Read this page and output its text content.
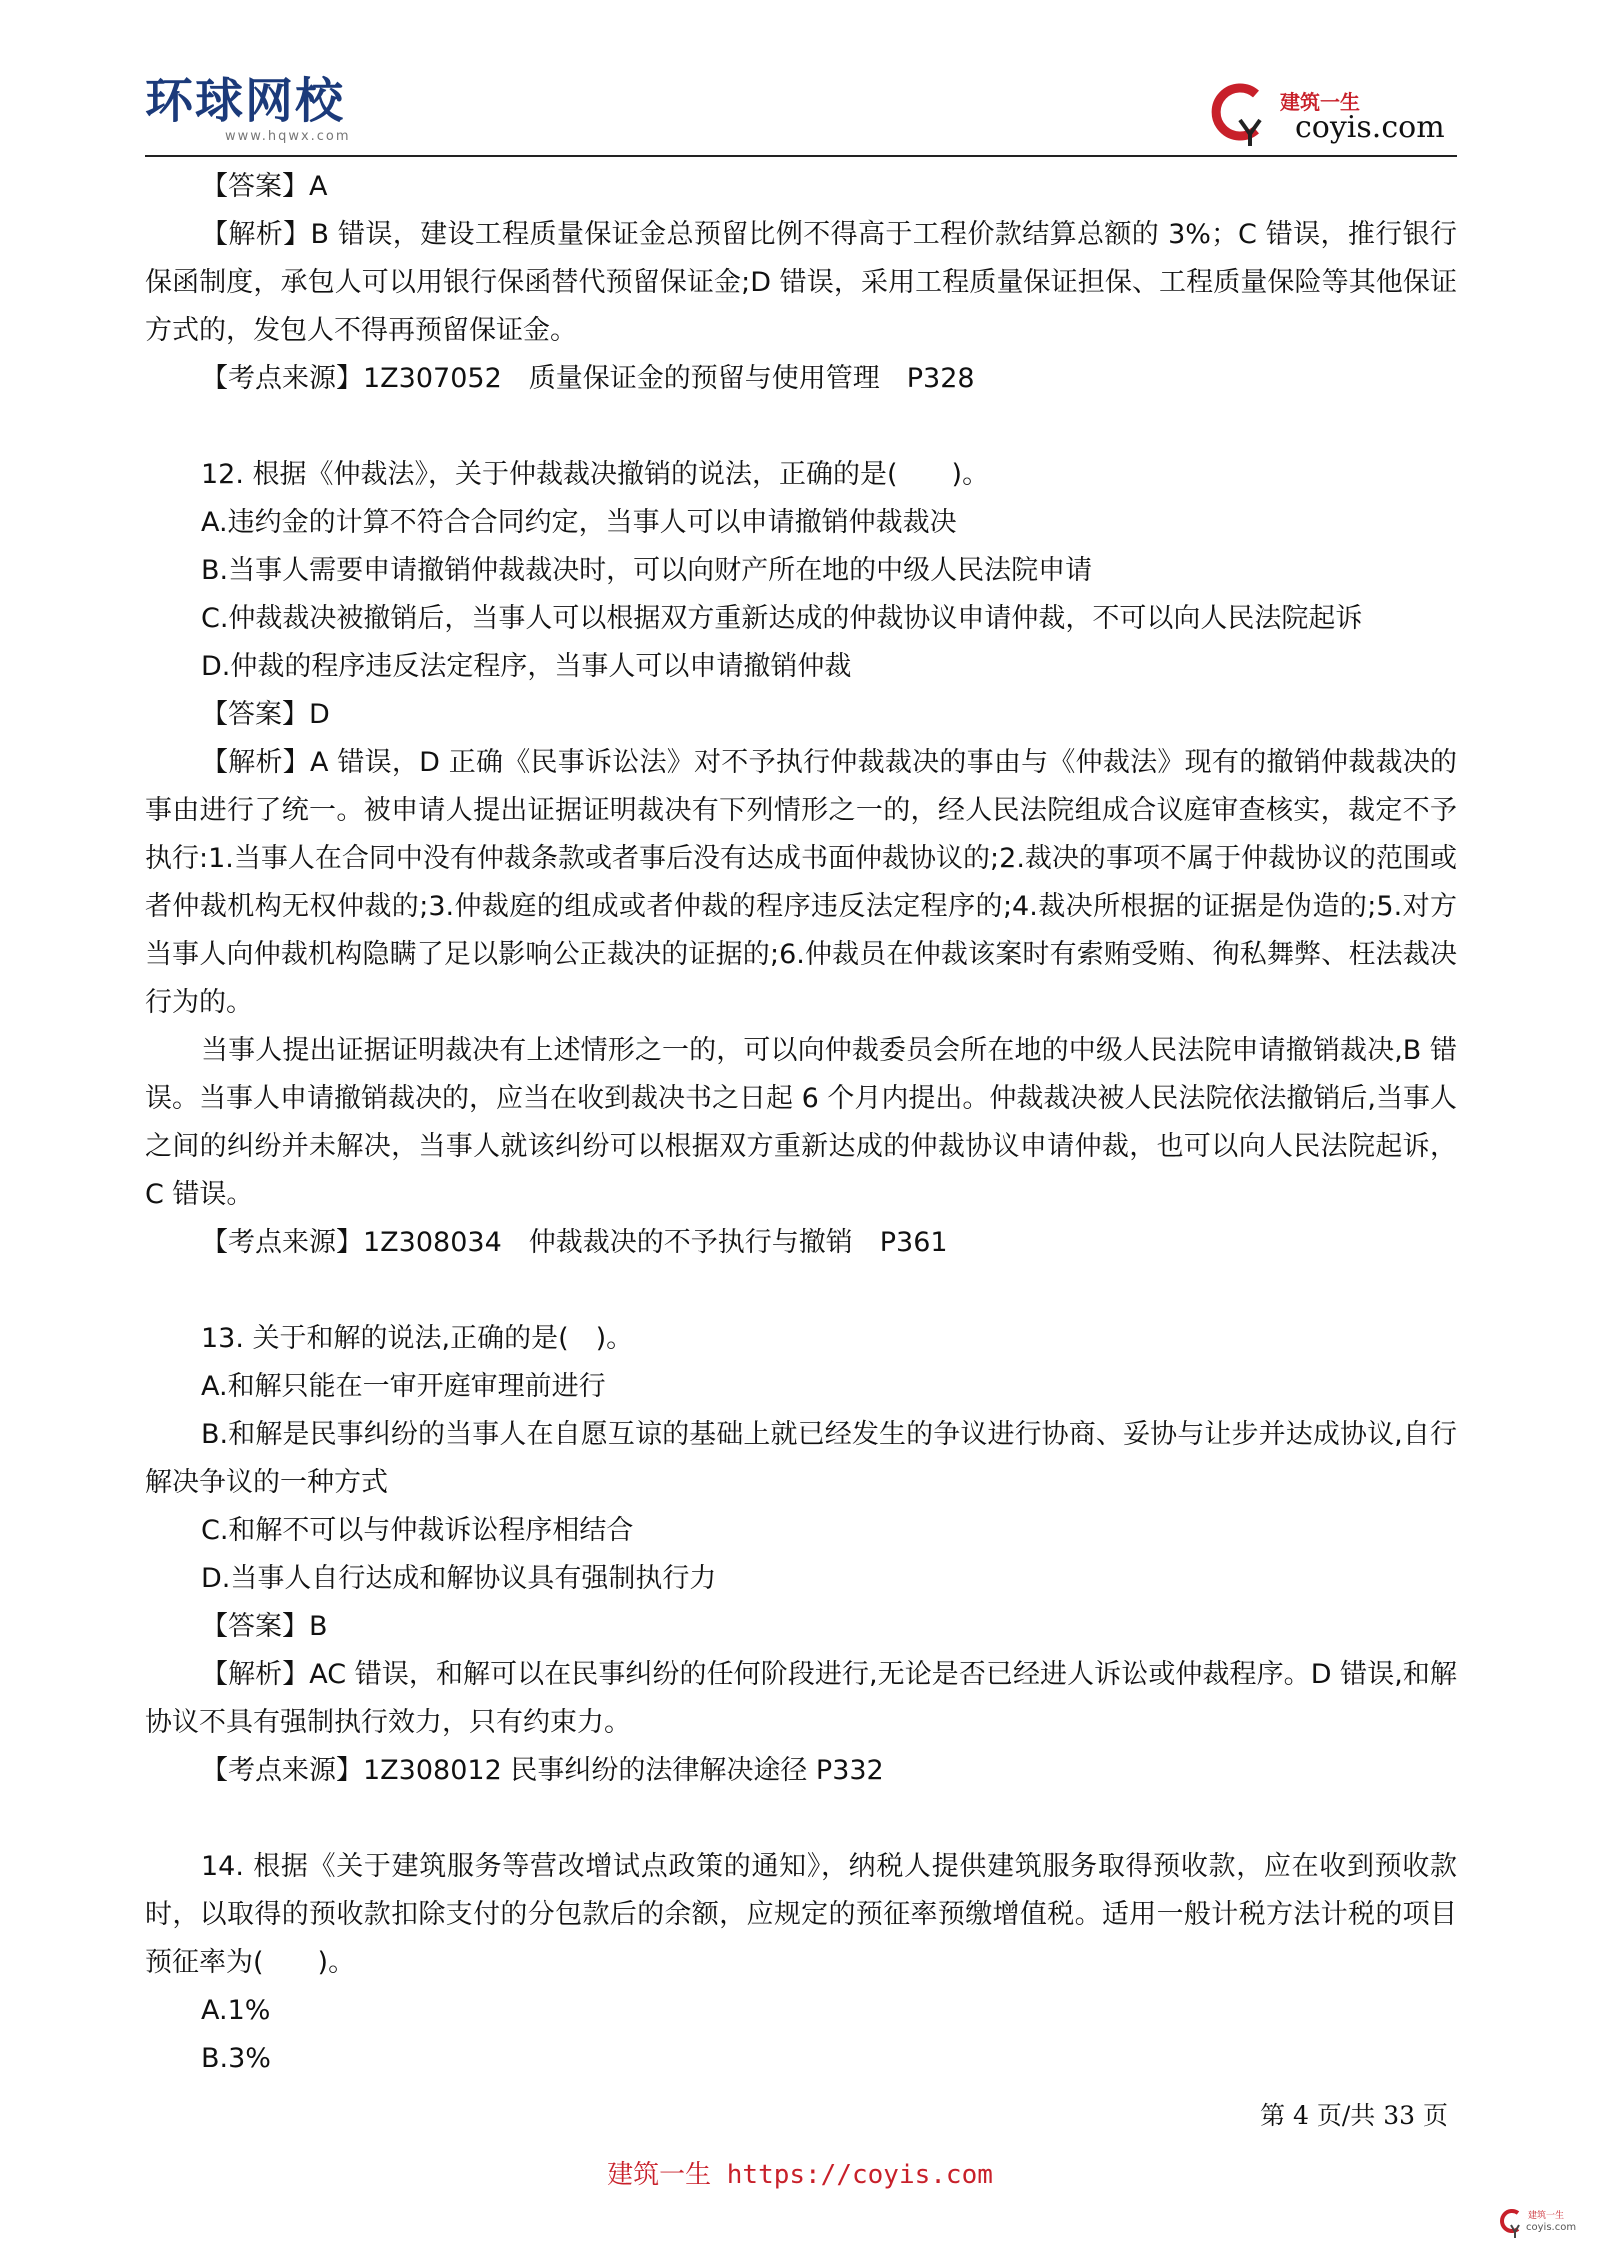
环球网校
www.hqwx.com
建筑一生
coyis.com

【答案】A

【解析】B 错误，建设工程质量保证金总预留比例不得高于工程价款结算总额的 3%；C 错误，推行银行保函制度，承包人可以用银行保函替代预留保证金;D 错误，采用工程质量保证担保、工程质量保险等其他保证方式的，发包人不得再预留保证金。

【考点来源】1Z307052　质量保证金的预留与使用管理　P328

12. 根据《仲裁法》，关于仲裁裁决撤销的说法，正确的是(　　)。

A.违约金的计算不符合合同约定，当事人可以申请撤销仲裁裁决

B.当事人需要申请撤销仲裁裁决时，可以向财产所在地的中级人民法院申请

C.仲裁裁决被撤销后，当事人可以根据双方重新达成的仲裁协议申请仲裁，不可以向人民法院起诉

D.仲裁的程序违反法定程序，当事人可以申请撤销仲裁

【答案】D

【解析】A 错误，D 正确《民事诉讼法》对不予执行仲裁裁决的事由与《仲裁法》现有的撤销仲裁裁决的事由进行了统一。被申请人提出证据证明裁决有下列情形之一的，经人民法院组成合议庭审查核实，裁定不予执行:1.当事人在合同中没有仲裁条款或者事后没有达成书面仲裁协议的;2.裁决的事项不属于仲裁协议的范围或者仲裁机构无权仲裁的;3.仲裁庭的组成或者仲裁的程序违反法定程序的;4.裁决所根据的证据是伪造的;5.对方当事人向仲裁机构隐瞒了足以影响公正裁决的证据的;6.仲裁员在仲裁该案时有索贿受贿、徇私舞弊、枉法裁决行为的。

当事人提出证据证明裁决有上述情形之一的，可以向仲裁委员会所在地的中级人民法院申请撤销裁决,B 错误。当事人申请撤销裁决的，应当在收到裁决书之日起 6 个月内提出。仲裁裁决被人民法院依法撤销后,当事人之间的纠纷并未解决，当事人就该纠纷可以根据双方重新达成的仲裁协议申请仲裁，也可以向人民法院起诉，C 错误。

【考点来源】1Z308034　仲裁裁决的不予执行与撤销　P361

13. 关于和解的说法,正确的是(　)。

A.和解只能在一审开庭审理前进行

B.和解是民事纠纷的当事人在自愿互谅的基础上就已经发生的争议进行协商、妥协与让步并达成协议,自行解决争议的一种方式

C.和解不可以与仲裁诉讼程序相结合

D.当事人自行达成和解协议具有强制执行力

【答案】B

【解析】AC 错误，和解可以在民事纠纷的任何阶段进行,无论是否已经进人诉讼或仲裁程序。D 错误,和解协议不具有强制执行效力，只有约束力。

【考点来源】1Z308012 民事纠纷的法律解决途径 P332

14. 根据《关于建筑服务等营改增试点政策的通知》，纳税人提供建筑服务取得预收款，应在收到预收款时，以取得的预收款扣除支付的分包款后的余额，应规定的预征率预缴增值税。适用一般计税方法计税的项目预征率为(　　)。

A.1%

B.3%

第 4 页/共 33 页
建筑一生 https://coyis.com
建筑一生
coyis.com
